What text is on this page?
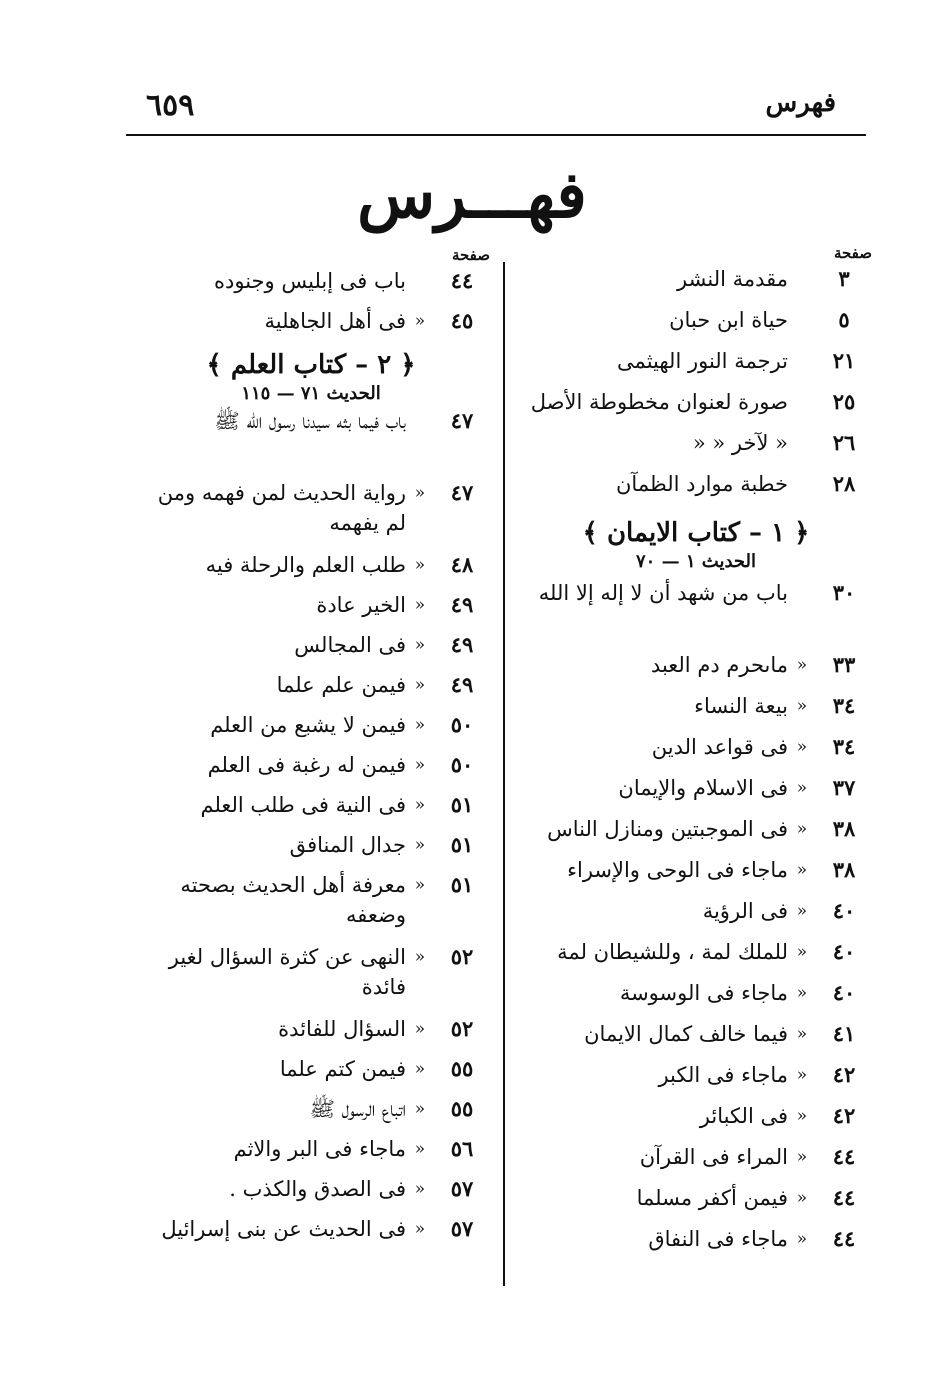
فهرس
٦٥٩
فهـــرس
صفحة
٣
مقدمة النشر
٥
حياة ابن حبان
٢١
ترجمة النور الهيثمى
٢٥
صورة لعنوان مخطوطة الأصل
٢٦
« لآخر « «
٢٨
خطبة موارد الظمآن
﴿ ١ – كتاب الايمان ﴾
الحديث ١ — ٧٠
٣٠
باب من شهد أن لا إله إلا الله
٣٣
«
ماىحرم دم العبد
٣٤
«
بيعة النساء
٣٤
«
فى قواعد الدين
٣٧
«
فى الاسلام والإيمان
٣٨
«
فى الموجبتين ومنازل الناس
٣٨
«
ماجاء فى الوحى والإسراء
٤٠
«
فى الرؤية
٤٠
«
للملك لمة ، وللشيطان لمة
٤٠
«
ماجاء فى الوسوسة
٤١
«
فيما خالف كمال الايمان
٤٢
«
ماجاء فى الكبر
٤٢
«
فى الكبائر
٤٤
«
المراء فى القرآن
٤٤
«
فيمن أكفر مسلما
٤٤
«
ماجاء فى النفاق
صفحة
٤٤
باب فى إبليس وجنوده
٤٥
«
فى أهل الجاهلية
﴿ ٢ – كتاب العلم ﴾
الحديث ٧١ — ١١٥
٤٧
باب فيما بثه سيدنا رسول الله ﷺ
٤٧
«
رواية الحديث لمن فهمه ومن لم يفهمه
٤٨
«
طلب العلم والرحلة فيه
٤٩
«
الخير عادة
٤٩
«
فى المجالس
٤٩
«
فيمن علم علما
٥٠
«
فيمن لا يشبع من العلم
٥٠
«
فيمن له رغبة فى العلم
٥١
«
فى النية فى طلب العلم
٥١
«
جدال المنافق
٥١
«
معرفة أهل الحديث بصحته وضعفه
٥٢
«
النهى عن كثرة السؤال لغير فائدة
٥٢
«
السؤال للفائدة
٥٥
«
فيمن كتم علما
٥٥
«
اتباع الرسول ﷺ
٥٦
«
ماجاء فى البر والاثم
٥٧
«
فى الصدق والكذب .
٥٧
«
فى الحديث عن بنى إسرائيل
